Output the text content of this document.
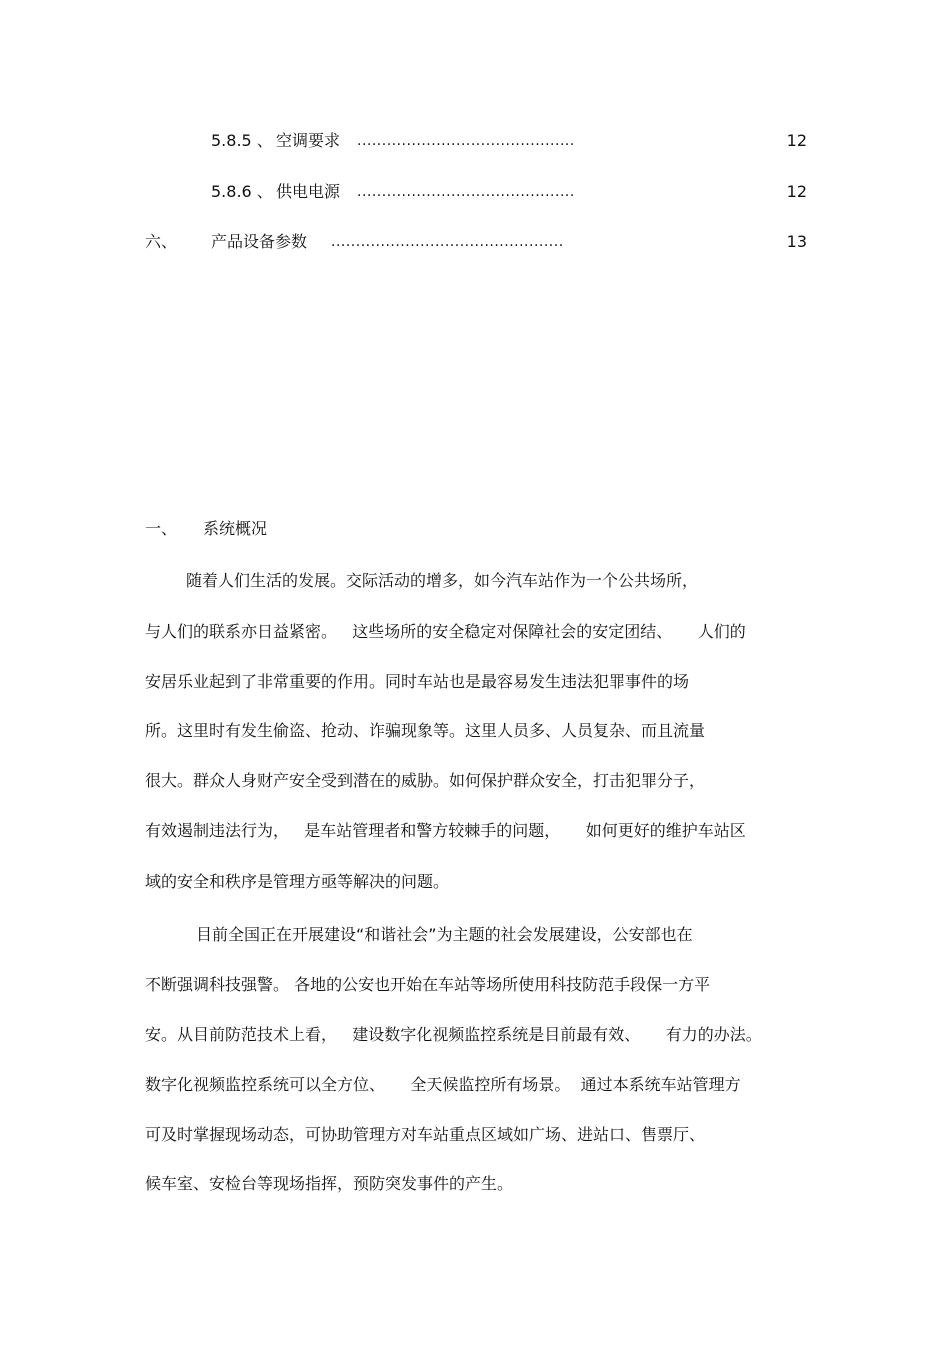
5.8.5 、 空调要求 ............................................	12
5.8.6 、 供电电源 ............................................	12
六、 产品设备参数 ...............................................	13
一、 系统概况
随着人们生活的发展。交际活动的增多，如今汽车站作为一个公共场所，
与人们的联系亦日益紧密。   这些场所的安全稳定对保障社会的安定团结、     人们的
安居乐业起到了非常重要的作用。同时车站也是最容易发生违法犯罪事件的场
所。这里时有发生偷盗、抢动、诈骗现象等。这里人员多、人员复杂、而且流量
很大。群众人身财产安全受到潜在的威胁。如何保护群众安全，打击犯罪分子，
有效遏制违法行为，   是车站管理者和警方较棘手的问题，     如何更好的维护车站区
域的安全和秩序是管理方亟等解决的问题。
目前全国正在开展建设“和谐社会”为主题的社会发展建设，公安部也在
不断强调科技强警。 各地的公安也开始在车站等场所使用科技防范手段保一方平
安。从目前防范技术上看，   建设数字化视频监控系统是目前最有效、     有力的办法。
数字化视频监控系统可以全方位、     全天候监控所有场景。  通过本系统车站管理方
可及时掌握现场动态，可协助管理方对车站重点区域如广场、进站口、售票厅、
候车室、安检台等现场指挥，预防突发事件的产生。
